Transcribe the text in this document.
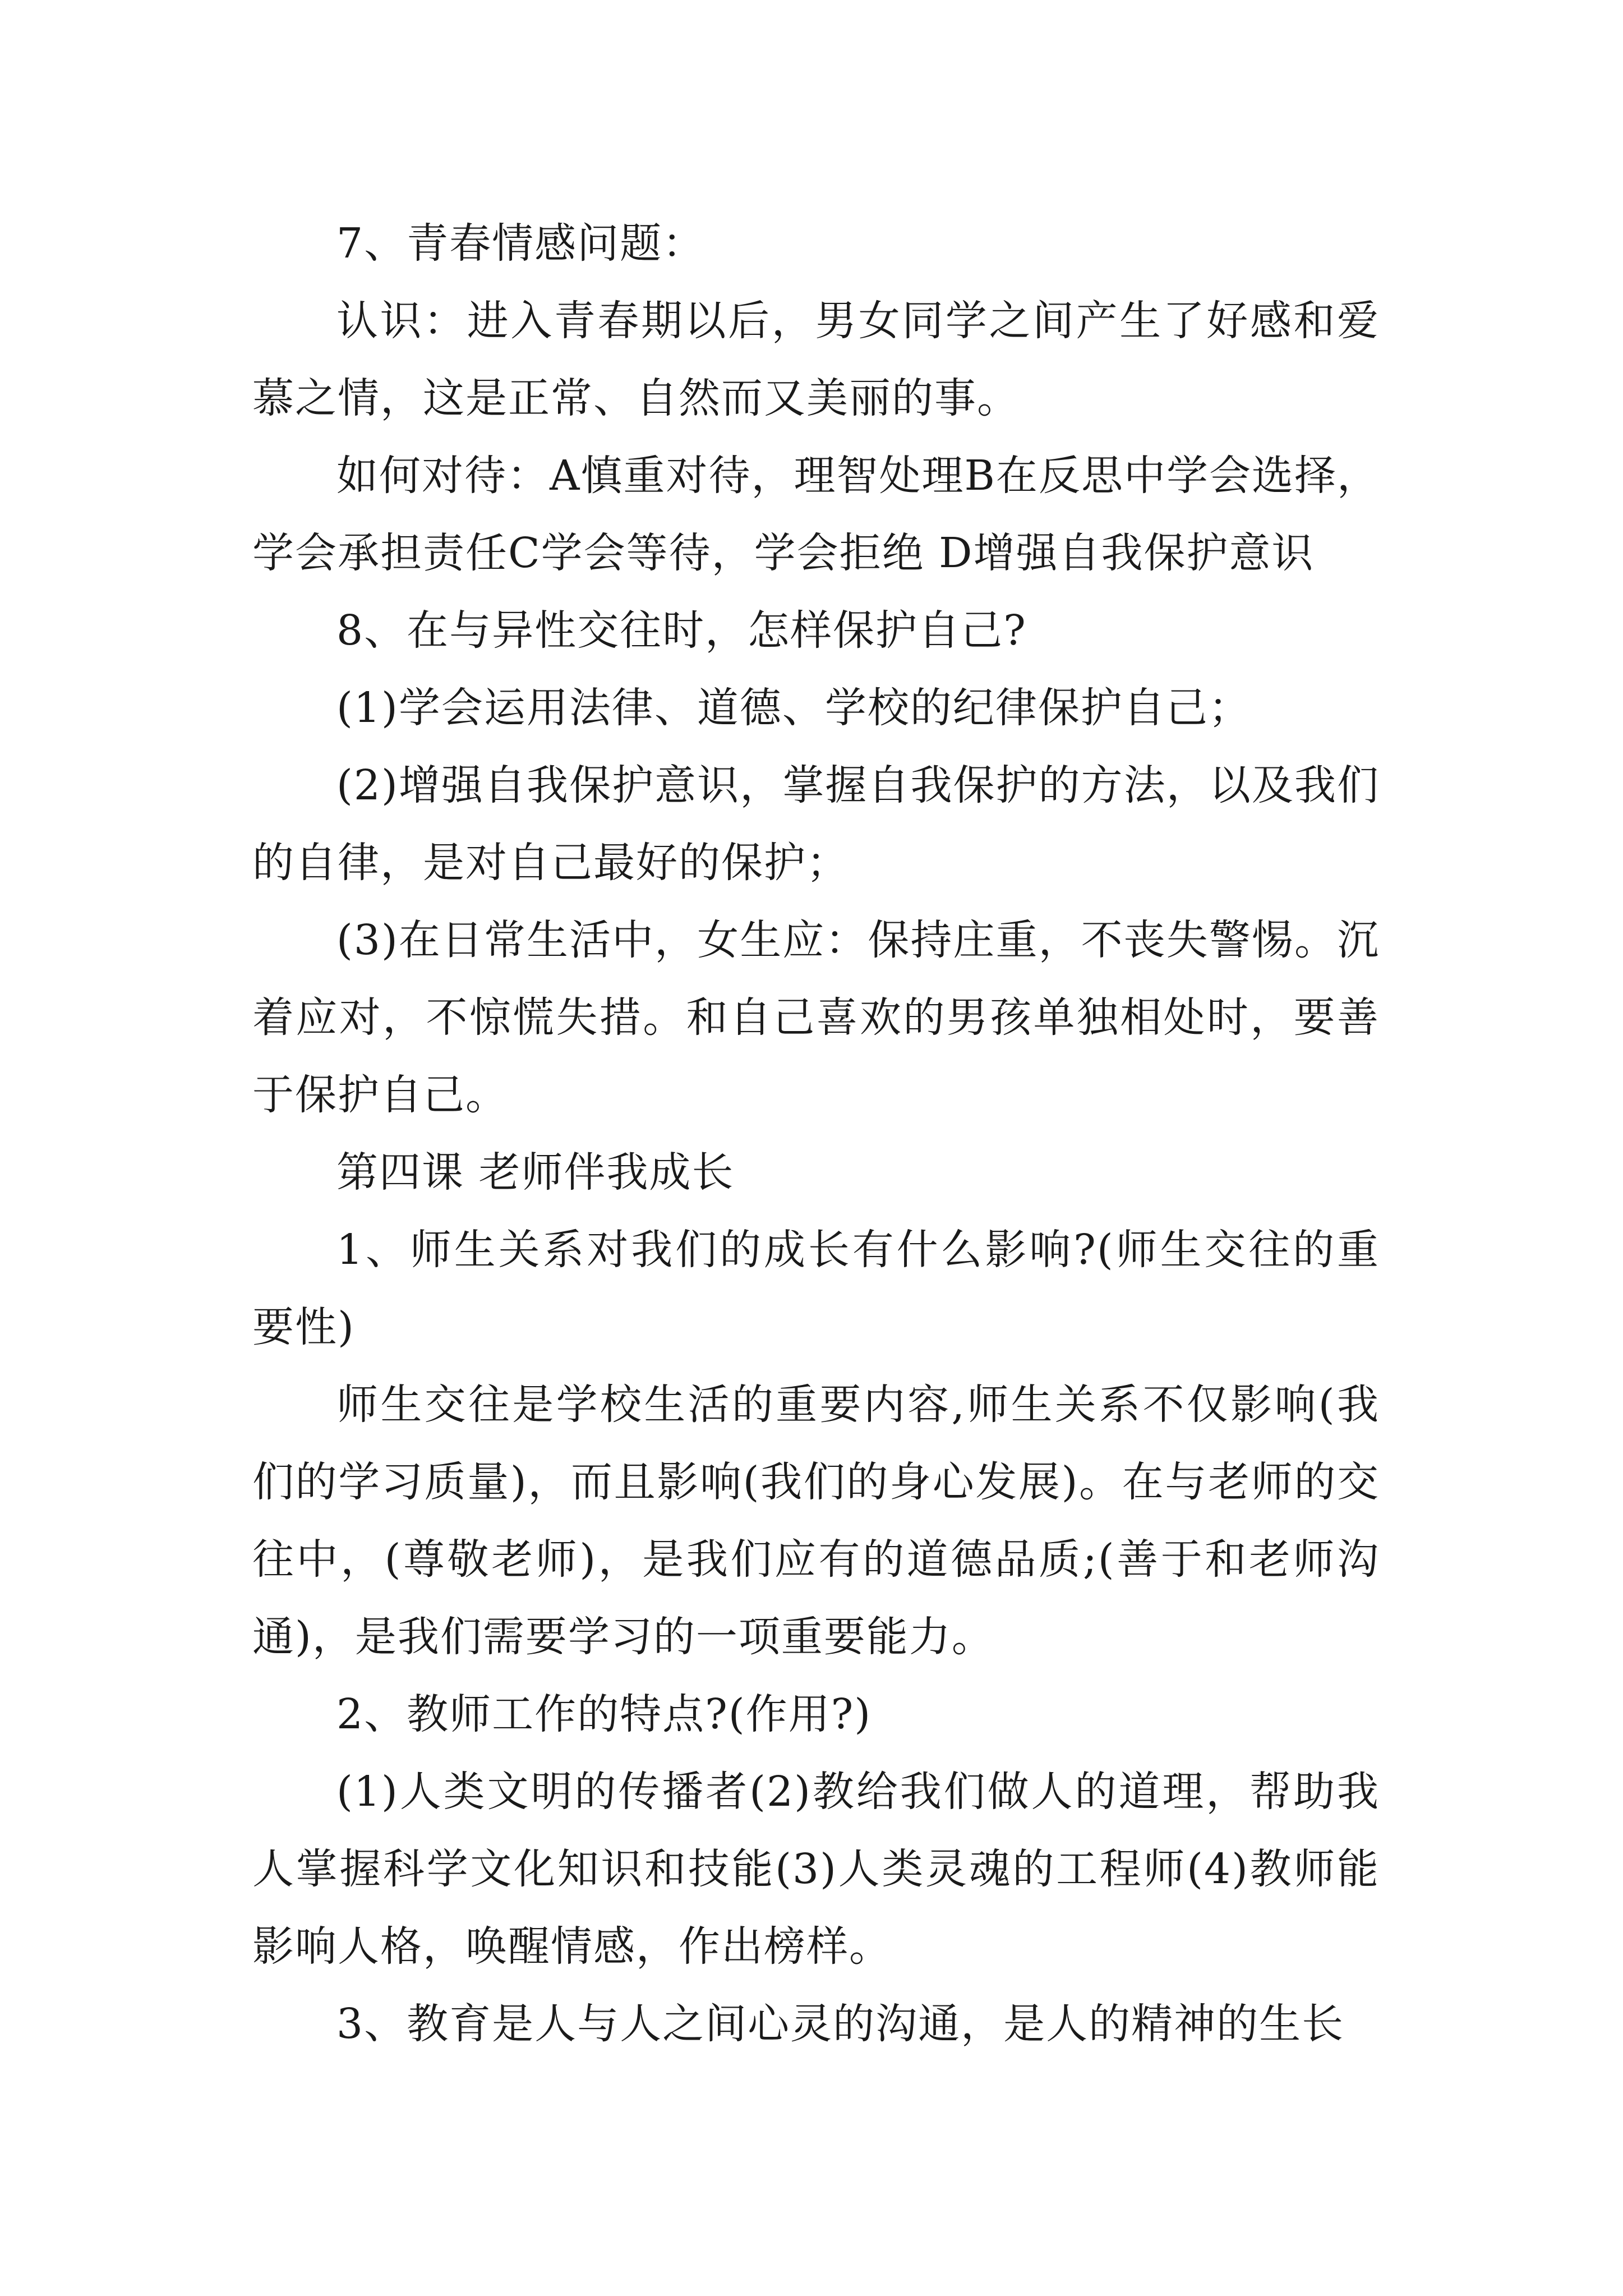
7、青春情感问题：

认识：进入青春期以后，男女同学之间产生了好感和爱慕之情，这是正常、自然而又美丽的事。

如何对待：A慎重对待，理智处理B在反思中学会选择，学会承担责任C学会等待，学会拒绝 D增强自我保护意识

8、在与异性交往时，怎样保护自己?

(1)学会运用法律、道德、学校的纪律保护自己；

(2)增强自我保护意识，掌握自我保护的方法，以及我们的自律，是对自己最好的保护；

(3)在日常生活中，女生应：保持庄重，不丧失警惕。沉着应对，不惊慌失措。和自己喜欢的男孩单独相处时，要善于保护自己。

第四课 老师伴我成长

1、师生关系对我们的成长有什么影响?(师生交往的重要性)

师生交往是学校生活的重要内容,师生关系不仅影响(我们的学习质量)，而且影响(我们的身心发展)。在与老师的交往中，(尊敬老师)，是我们应有的道德品质;(善于和老师沟通)，是我们需要学习的一项重要能力。

2、教师工作的特点?(作用?)

(1)人类文明的传播者(2)教给我们做人的道理，帮助我人掌握科学文化知识和技能(3)人类灵魂的工程师(4)教师能影响人格，唤醒情感，作出榜样。

3、教育是人与人之间心灵的沟通，是人的精神的生长
